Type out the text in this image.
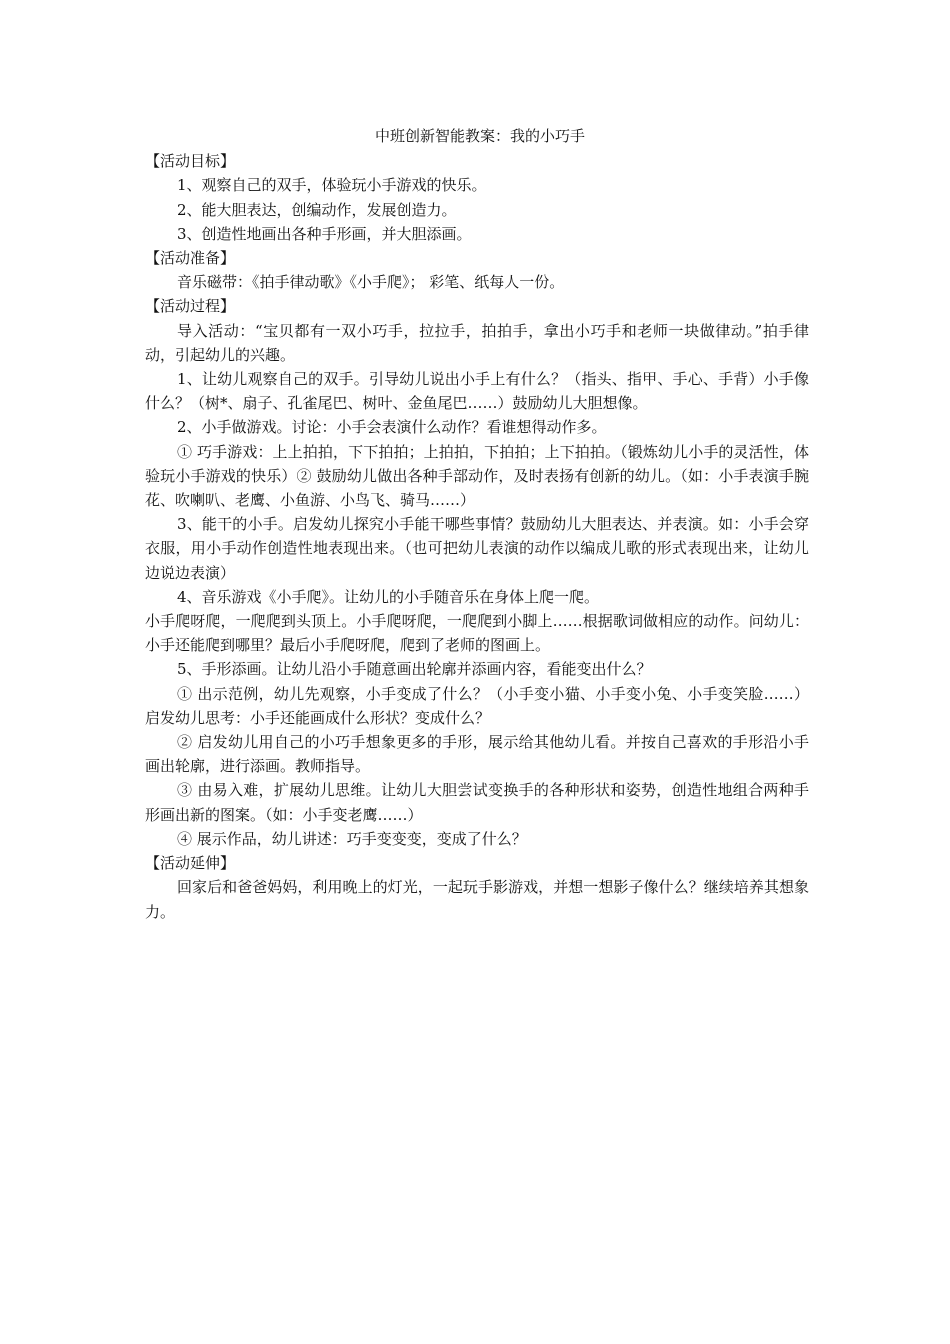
中班创新智能教案：我的小巧手

【活动目标】

1、观察自己的双手，体验玩小手游戏的快乐。

2、能大胆表达，创编动作，发展创造力。

3、创造性地画出各种手形画，并大胆添画。

【活动准备】

音乐磁带：《拍手律动歌》《小手爬》； 彩笔、纸每人一份。

【活动过程】

导入活动：“宝贝都有一双小巧手，拉拉手，拍拍手，拿出小巧手和老师一块做律动。”拍手律动，引起幼儿的兴趣。

1、让幼儿观察自己的双手。引导幼儿说出小手上有什么？（指头、指甲、手心、手背）小手像什么？（树*、扇子、孔雀尾巴、树叶、金鱼尾巴……）鼓励幼儿大胆想像。

2、小手做游戏。讨论：小手会表演什么动作？看谁想得动作多。

① 巧手游戏：上上拍拍，下下拍拍；上拍拍，下拍拍；上下拍拍。（锻炼幼儿小手的灵活性，体验玩小手游戏的快乐）② 鼓励幼儿做出各种手部动作，及时表扬有创新的幼儿。（如：小手表演手腕花、吹喇叭、老鹰、小鱼游、小鸟飞、骑马……）

3、能干的小手。启发幼儿探究小手能干哪些事情？鼓励幼儿大胆表达、并表演。如：小手会穿衣服，用小手动作创造性地表现出来。（也可把幼儿表演的动作以编成儿歌的形式表现出来，让幼儿边说边表演）

4、音乐游戏《小手爬》。让幼儿的小手随音乐在身体上爬一爬。

小手爬呀爬，一爬爬到头顶上。小手爬呀爬，一爬爬到小脚上……根据歌词做相应的动作。问幼儿：小手还能爬到哪里？最后小手爬呀爬，爬到了老师的图画上。

5、手形添画。让幼儿沿小手随意画出轮廓并添画内容，看能变出什么？

① 出示范例，幼儿先观察，小手变成了什么？（小手变小猫、小手变小兔、小手变笑脸……）启发幼儿思考：小手还能画成什么形状？变成什么？

② 启发幼儿用自己的小巧手想象更多的手形，展示给其他幼儿看。并按自己喜欢的手形沿小手画出轮廓，进行添画。教师指导。

③ 由易入难，扩展幼儿思维。让幼儿大胆尝试变换手的各种形状和姿势，创造性地组合两种手形画出新的图案。（如：小手变老鹰……）

④ 展示作品，幼儿讲述：巧手变变变，变成了什么？

【活动延伸】

回家后和爸爸妈妈，利用晚上的灯光，一起玩手影游戏，并想一想影子像什么？继续培养其想象力。
